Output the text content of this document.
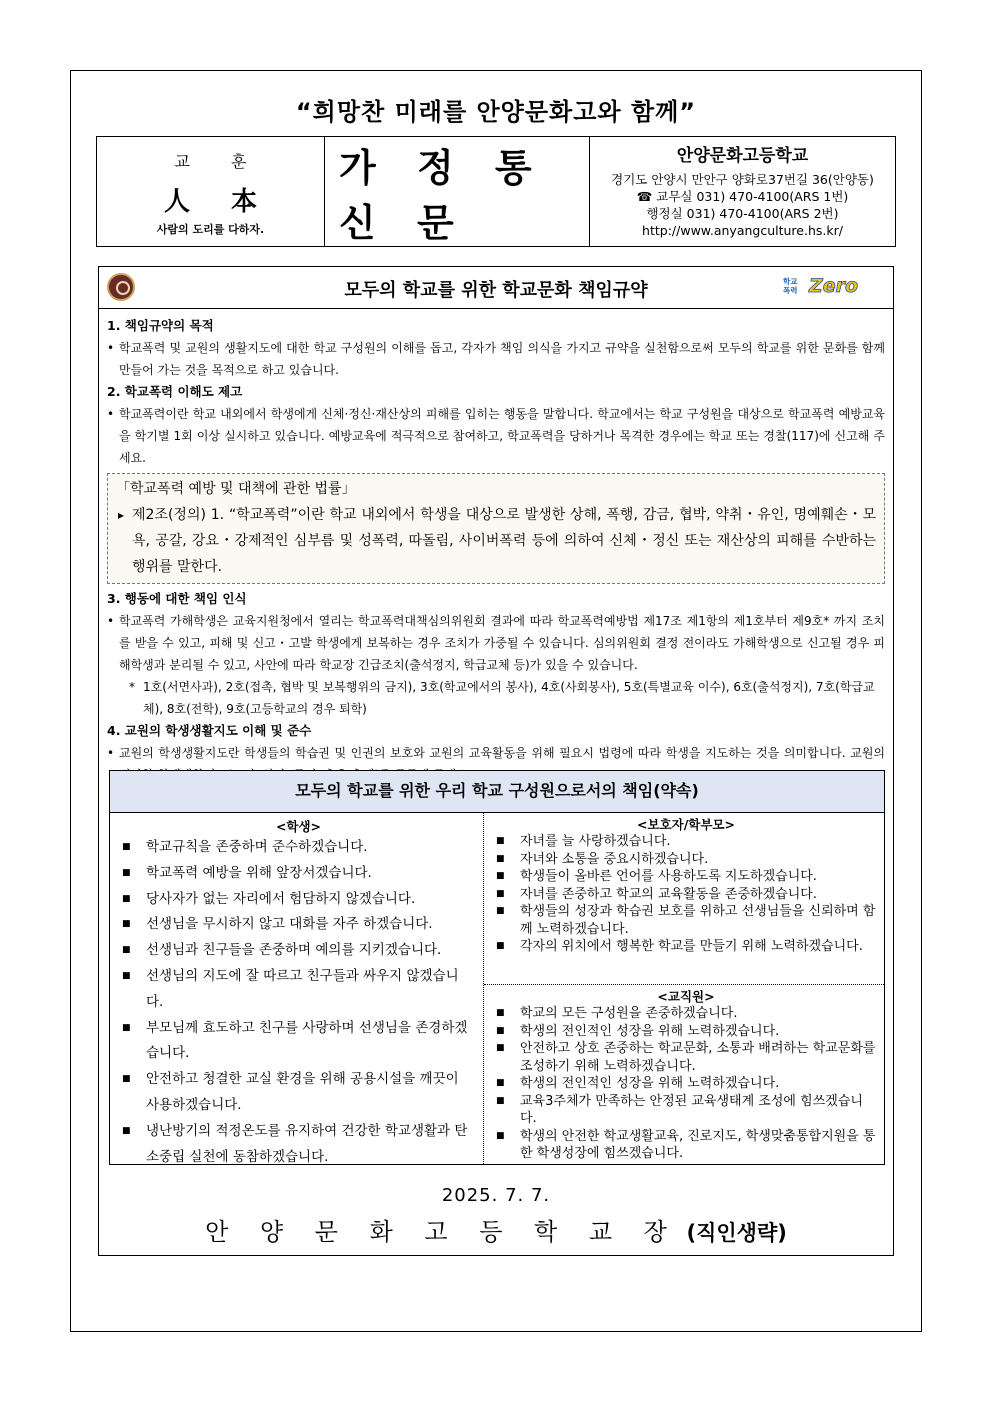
“희망찬 미래를 안양문화고와 함께”
교 훈
人 本
사람의 도리를 다하자.
가 정 통 신 문
안양문화고등학교
경기도 안양시 만안구 양화로37번길 36(안양동)
☎ 교무실 031) 470-4100(ARS 1번)
행정실 031) 470-4100(ARS 2번)
http://www.anyangculture.hs.kr/
모두의 학교를 위한 학교문화 책임규약	학교
폭력 Zero
1. 책임규약의 목적
• 학교폭력 및 교원의 생활지도에 대한 학교 구성원의 이해를 돕고, 각자가 책임 의식을 가지고 규약을 실천함으로써 모두의 학교를 위한 문화를 함께 만들어 가는 것을 목적으로 하고 있습니다.
2. 학교폭력 이해도 제고
• 학교폭력이란 학교 내외에서 학생에게 신체·정신·재산상의 피해를 입히는 행동을 말합니다. 학교에서는 학교 구성원을 대상으로 학교폭력 예방교육을 학기별 1회 이상 실시하고 있습니다. 예방교육에 적극적으로 참여하고, 학교폭력을 당하거나 목격한 경우에는 학교 또는 경찰(117)에 신고해 주세요.
「학교폭력 예방 및 대책에 관한 법률」
▸ 제2조(정의) 1. “학교폭력”이란 학교 내외에서 학생을 대상으로 발생한 상해, 폭행, 감금, 협박, 약취・유인, 명예훼손・모욕, 공갈, 강요・강제적인 심부름 및 성폭력, 따돌림, 사이버폭력 등에 의하여 신체・정신 또는 재산상의 피해를 수반하는 행위를 말한다.
3. 행동에 대한 책임 인식
• 학교폭력 가해학생은 교육지원청에서 열리는 학교폭력대책심의위원회 결과에 따라 학교폭력예방법 제17조 제1항의 제1호부터 제9호* 까지 조치를 받을 수 있고, 피해 및 신고・고발 학생에게 보복하는 경우 조치가 가중될 수 있습니다. 심의위원회 결정 전이라도 가해학생으로 신고될 경우 피해학생과 분리될 수 있고, 사안에 따라 학교장 긴급조치(출석정지, 학급교체 등)가 있을 수 있습니다.
* 1호(서면사과), 2호(접촉, 협박 및 보복행위의 금지), 3호(학교에서의 봉사), 4호(사회봉사), 5호(특별교육 이수), 6호(출석정지), 7호(학급교체), 8호(전학), 9호(고등학교의 경우 퇴학)
4. 교원의 학생생활지도 이해 및 준수
• 교원의 학생생활지도란 학생들의 학습권 및 인권의 보호와 교원의 교육활동을 위해 필요시 법령에 따라 학생을 지도하는 것을 의미합니다. 교원의
모두의 학교를 위한 우리 학교 구성원으로서의 책임(약속)
<학생>
■ 학교규칙을 존중하며 준수하겠습니다.
■ 학교폭력 예방을 위해 앞장서겠습니다.
■ 당사자가 없는 자리에서 험담하지 않겠습니다.
■ 선생님을 무시하지 않고 대화를 자주 하겠습니다.
■ 선생님과 친구들을 존중하며 예의를 지키겠습니다.
■ 선생님의 지도에 잘 따르고 친구들과 싸우지 않겠습니다.
■ 부모님께 효도하고 친구를 사랑하며 선생님을 존경하겠습니다.
■ 안전하고 청결한 교실 환경을 위해 공용시설을 깨끗이 사용하겠습니다.
■ 냉난방기의 적정온도를 유지하여 건강한 학교생활과 탄소중립 실천에 동참하겠습니다.
<보호자/학부모>
■ 자녀를 늘 사랑하겠습니다.
■ 자녀와 소통을 중요시하겠습니다.
■ 학생들이 올바른 언어를 사용하도록 지도하겠습니다.
■ 자녀를 존중하고 학교의 교육활동을 존중하겠습니다.
■ 학생들의 성장과 학습권 보호를 위하고 선생님들을 신뢰하며 함께 노력하겠습니다.
■ 각자의 위치에서 행복한 학교를 만들기 위해 노력하겠습니다.
<교직원>
■ 학교의 모든 구성원을 존중하겠습니다.
■ 학생의 전인적인 성장을 위해 노력하겠습니다.
■ 안전하고 상호 존중하는 학교문화, 소통과 배려하는 학교문화를 조성하기 위해 노력하겠습니다.
■ 학생의 전인적인 성장을 위해 노력하겠습니다.
■ 교육3주체가 만족하는 안정된 교육생태계 조성에 힘쓰겠습니다.
■ 학생의 안전한 학교생활교육, 진로지도, 학생맞춤통합지원을 통한 학생성장에 힘쓰겠습니다.
2025. 7. 7.
안 양 문 화 고 등 학 교 장 (직인생략)
